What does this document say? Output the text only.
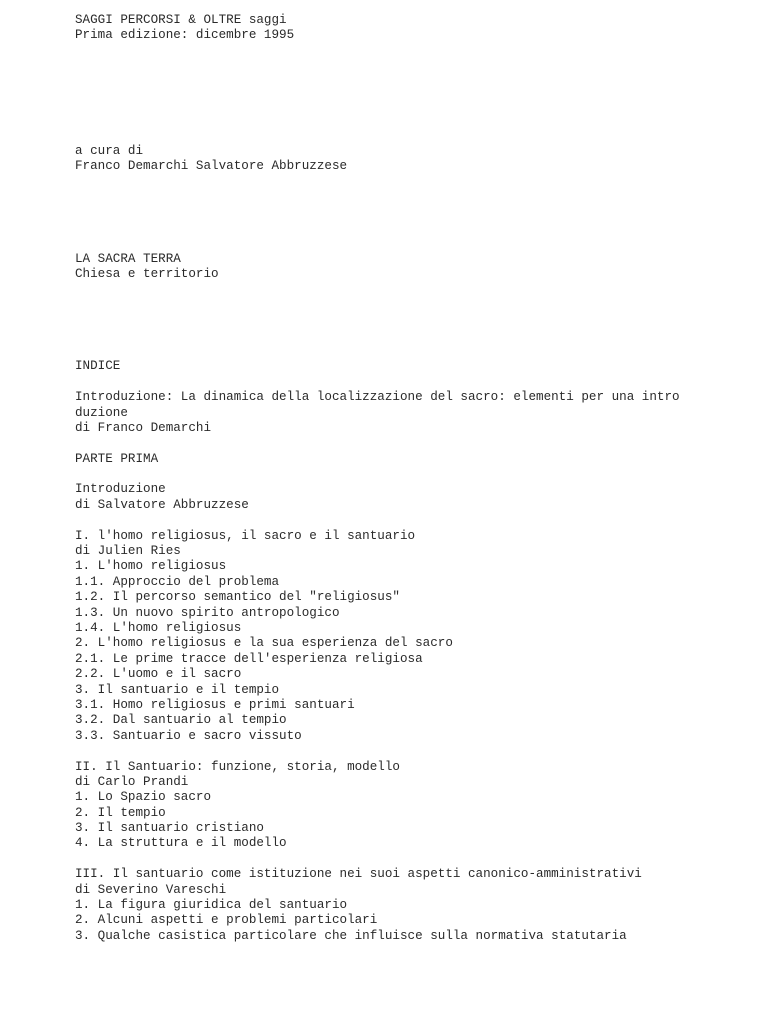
SAGGI PERCORSI & OLTRE saggi
Prima edizione: dicembre 1995
a cura di
Franco Demarchi Salvatore Abbruzzese
LA SACRA TERRA
Chiesa e territorio
INDICE
Introduzione: La dinamica della localizzazione del sacro: elementi per una intro
duzione
di Franco Demarchi
PARTE PRIMA
Introduzione
di Salvatore Abbruzzese
I. l'homo religiosus, il sacro e il santuario
di Julien Ries
1. L'homo religiosus
1.1. Approccio del problema
1.2. Il percorso semantico del "religiosus"
1.3. Un nuovo spirito antropologico
1.4. L'homo religiosus
2. L'homo religiosus e la sua esperienza del sacro
2.1. Le prime tracce dell'esperienza religiosa
2.2. L'uomo e il sacro
3. Il santuario e il tempio
3.1. Homo religiosus e primi santuari
3.2. Dal santuario al tempio
3.3. Santuario e sacro vissuto
II. Il Santuario: funzione, storia, modello
di Carlo Prandi
1. Lo Spazio sacro
2. Il tempio
3. Il santuario cristiano
4. La struttura e il modello
III. Il santuario come istituzione nei suoi aspetti canonico-amministrativi
di Severino Vareschi
1. La figura giuridica del santuario
2. Alcuni aspetti e problemi particolari
3. Qualche casistica particolare che influisce sulla normativa statutaria
